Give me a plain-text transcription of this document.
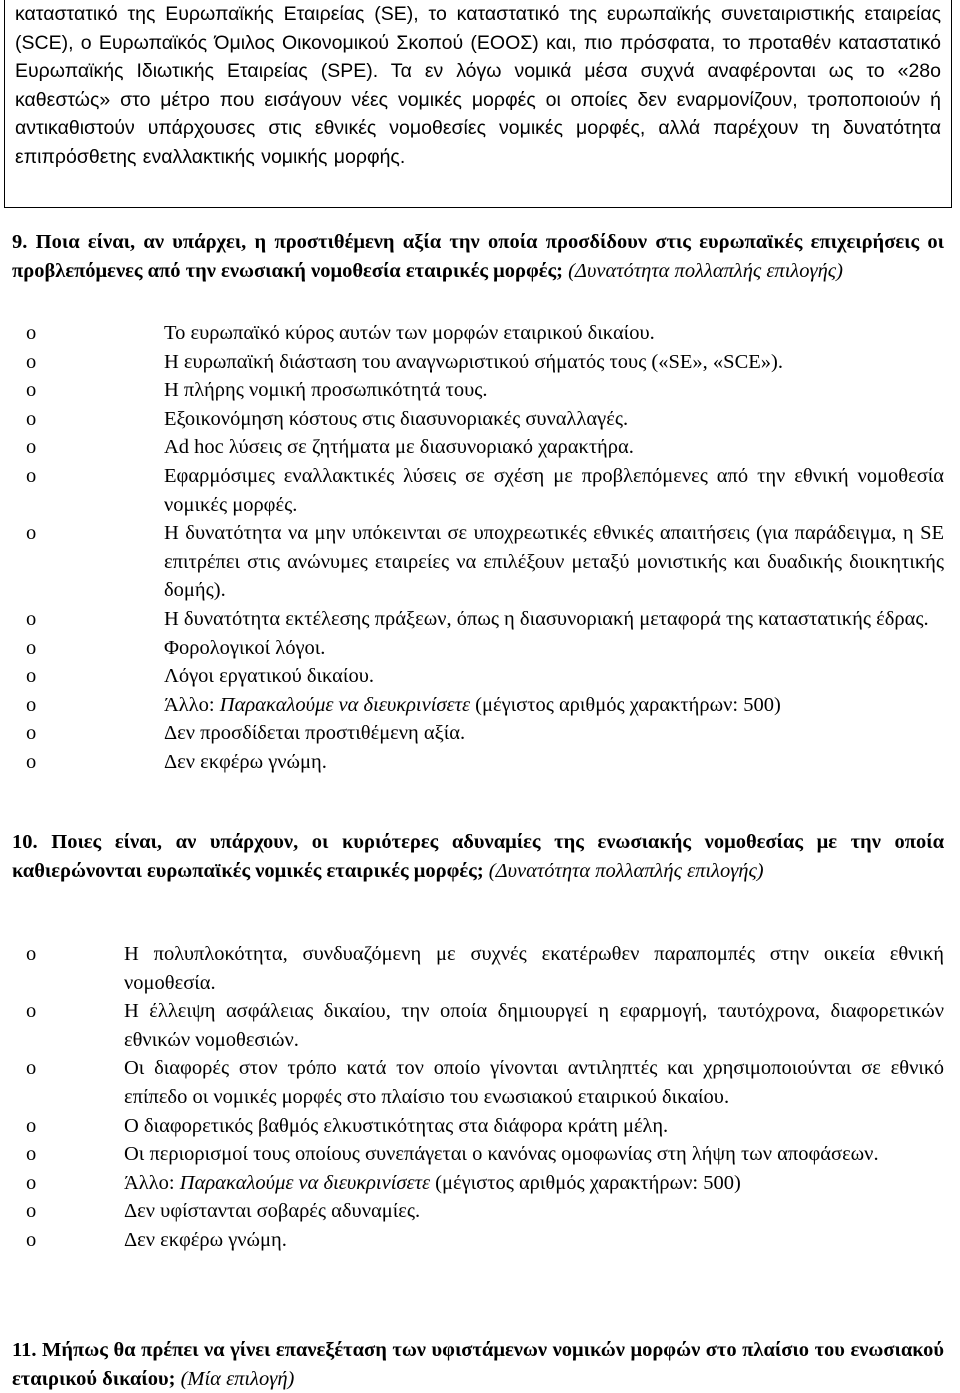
καταστατικό της Ευρωπαϊκής Εταιρείας (SE), το καταστατικό της ευρωπαϊκής συνεταιριστικής εταιρείας (SCE), ο Ευρωπαϊκός Όμιλος Οικονομικού Σκοπού (ΕΟΟΣ) και, πιο πρόσφατα, το προταθέν καταστατικό Ευρωπαϊκής Ιδιωτικής Εταιρείας (SPE). Τα εν λόγω νομικά μέσα συχνά αναφέρονται ως το «28ο καθεστώς» στο μέτρο που εισάγουν νέες νομικές μορφές οι οποίες δεν εναρμονίζουν, τροποποιούν ή αντικαθιστούν υπάρχουσες στις εθνικές νομοθεσίες νομικές μορφές, αλλά παρέχουν τη δυνατότητα επιπρόσθετης εναλλακτικής νομικής μορφής.

9. Ποια είναι, αν υπάρχει, η προστιθέμενη αξία την οποία προσδίδουν στις ευρωπαϊκές επιχειρήσεις οι προβλεπόμενες από την ενωσιακή νομοθεσία εταιρικές μορφές; (Δυνατότητα πολλαπλής επιλογής)

o	Το ευρωπαϊκό κύρος αυτών των μορφών εταιρικού δικαίου.
o	Η ευρωπαϊκή διάσταση του αναγνωριστικού σήματός τους («SE», «SCE»).
o	Η πλήρης νομική προσωπικότητά τους.
o	Εξοικονόμηση κόστους στις διασυνοριακές συναλλαγές.
o	Ad hoc λύσεις σε ζητήματα με διασυνοριακό χαρακτήρα.
o	Εφαρμόσιμες εναλλακτικές λύσεις σε σχέση με προβλεπόμενες από την εθνική νομοθεσία νομικές μορφές.
o	Η δυνατότητα να μην υπόκεινται σε υποχρεωτικές εθνικές απαιτήσεις (για παράδειγμα, η SE επιτρέπει στις ανώνυμες εταιρείες να επιλέξουν μεταξύ μονιστικής και δυαδικής διοικητικής δομής).
o	Η δυνατότητα εκτέλεσης πράξεων, όπως η διασυνοριακή μεταφορά της καταστατικής έδρας.
o	Φορολογικοί λόγοι.
o	Λόγοι εργατικού δικαίου.
o	Άλλο: Παρακαλούμε να διευκρινίσετε (μέγιστος αριθμός χαρακτήρων: 500)
o	Δεν προσδίδεται προστιθέμενη αξία.
o	Δεν εκφέρω γνώμη.

10. Ποιες είναι, αν υπάρχουν, οι κυριότερες αδυναμίες της ενωσιακής νομοθεσίας με την οποία καθιερώνονται ευρωπαϊκές νομικές εταιρικές μορφές; (Δυνατότητα πολλαπλής επιλογής)

o	Η πολυπλοκότητα, συνδυαζόμενη με συχνές εκατέρωθεν παραπομπές στην οικεία εθνική νομοθεσία.
o	Η έλλειψη ασφάλειας δικαίου, την οποία δημιουργεί η εφαρμογή, ταυτόχρονα, διαφορετικών εθνικών νομοθεσιών.
o	Οι διαφορές στον τρόπο κατά τον οποίο γίνονται αντιληπτές και χρησιμοποιούνται σε εθνικό επίπεδο οι νομικές μορφές στο πλαίσιο του ενωσιακού εταιρικού δικαίου.
o	Ο διαφορετικός βαθμός ελκυστικότητας στα διάφορα κράτη μέλη.
o	Οι περιορισμοί τους οποίους συνεπάγεται ο κανόνας ομοφωνίας στη λήψη των αποφάσεων.
o	Άλλο: Παρακαλούμε να διευκρινίσετε (μέγιστος αριθμός χαρακτήρων: 500)
o	Δεν υφίστανται σοβαρές αδυναμίες.
o	Δεν εκφέρω γνώμη.

11. Μήπως θα πρέπει να γίνει επανεξέταση των υφιστάμενων νομικών μορφών στο πλαίσιο του ενωσιακού εταιρικού δικαίου; (Μία επιλογή)
